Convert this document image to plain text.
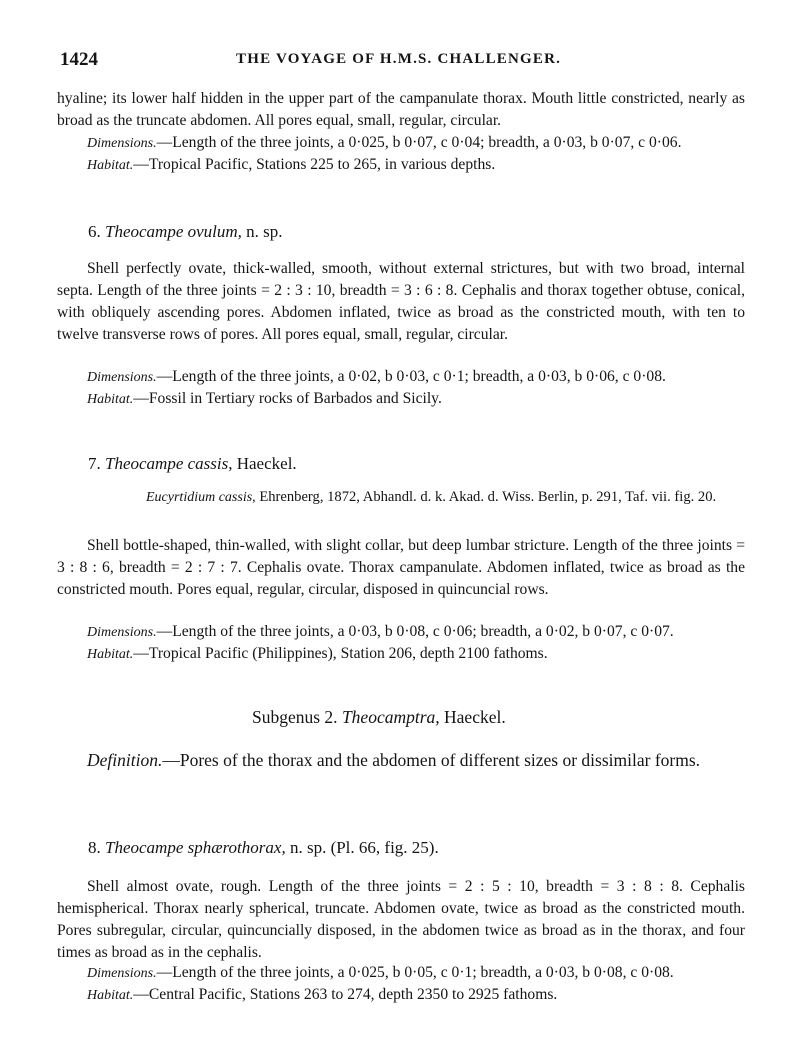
1424	THE VOYAGE OF H.M.S. CHALLENGER.
hyaline; its lower half hidden in the upper part of the campanulate thorax. Mouth little constricted, nearly as broad as the truncate abdomen. All pores equal, small, regular, circular.
Dimensions.—Length of the three joints, a 0·025, b 0·07, c 0·04; breadth, a 0·03, b 0·07, c 0·06.
Habitat.—Tropical Pacific, Stations 225 to 265, in various depths.
6. Theocampe ovulum, n. sp.
Shell perfectly ovate, thick-walled, smooth, without external strictures, but with two broad, internal septa. Length of the three joints = 2 : 3 : 10, breadth = 3 : 6 : 8. Cephalis and thorax together obtuse, conical, with obliquely ascending pores. Abdomen inflated, twice as broad as the constricted mouth, with ten to twelve transverse rows of pores. All pores equal, small, regular, circular.
Dimensions.—Length of the three joints, a 0·02, b 0·03, c 0·1; breadth, a 0·03, b 0·06, c 0·08.
Habitat.—Fossil in Tertiary rocks of Barbados and Sicily.
7. Theocampe cassis, Haeckel.
Eucyrtidium cassis, Ehrenberg, 1872, Abhandl. d. k. Akad. d. Wiss. Berlin, p. 291, Taf. vii. fig. 20.
Shell bottle-shaped, thin-walled, with slight collar, but deep lumbar stricture. Length of the three joints = 3 : 8 : 6, breadth = 2 : 7 : 7. Cephalis ovate. Thorax campanulate. Abdomen inflated, twice as broad as the constricted mouth. Pores equal, regular, circular, disposed in quincuncial rows.
Dimensions.—Length of the three joints, a 0·03, b 0·08, c 0·06; breadth, a 0·02, b 0·07, c 0·07.
Habitat.—Tropical Pacific (Philippines), Station 206, depth 2100 fathoms.
Subgenus 2. Theocamptra, Haeckel.
Definition.—Pores of the thorax and the abdomen of different sizes or dissimilar forms.
8. Theocampe sphærothorax, n. sp. (Pl. 66, fig. 25).
Shell almost ovate, rough. Length of the three joints = 2 : 5 : 10, breadth = 3 : 8 : 8. Cephalis hemispherical. Thorax nearly spherical, truncate. Abdomen ovate, twice as broad as the constricted mouth. Pores subregular, circular, quincuncially disposed, in the abdomen twice as broad as in the thorax, and four times as broad as in the cephalis.
Dimensions.—Length of the three joints, a 0·025, b 0·05, c 0·1; breadth, a 0·03, b 0·08, c 0·08.
Habitat.—Central Pacific, Stations 263 to 274, depth 2350 to 2925 fathoms.
